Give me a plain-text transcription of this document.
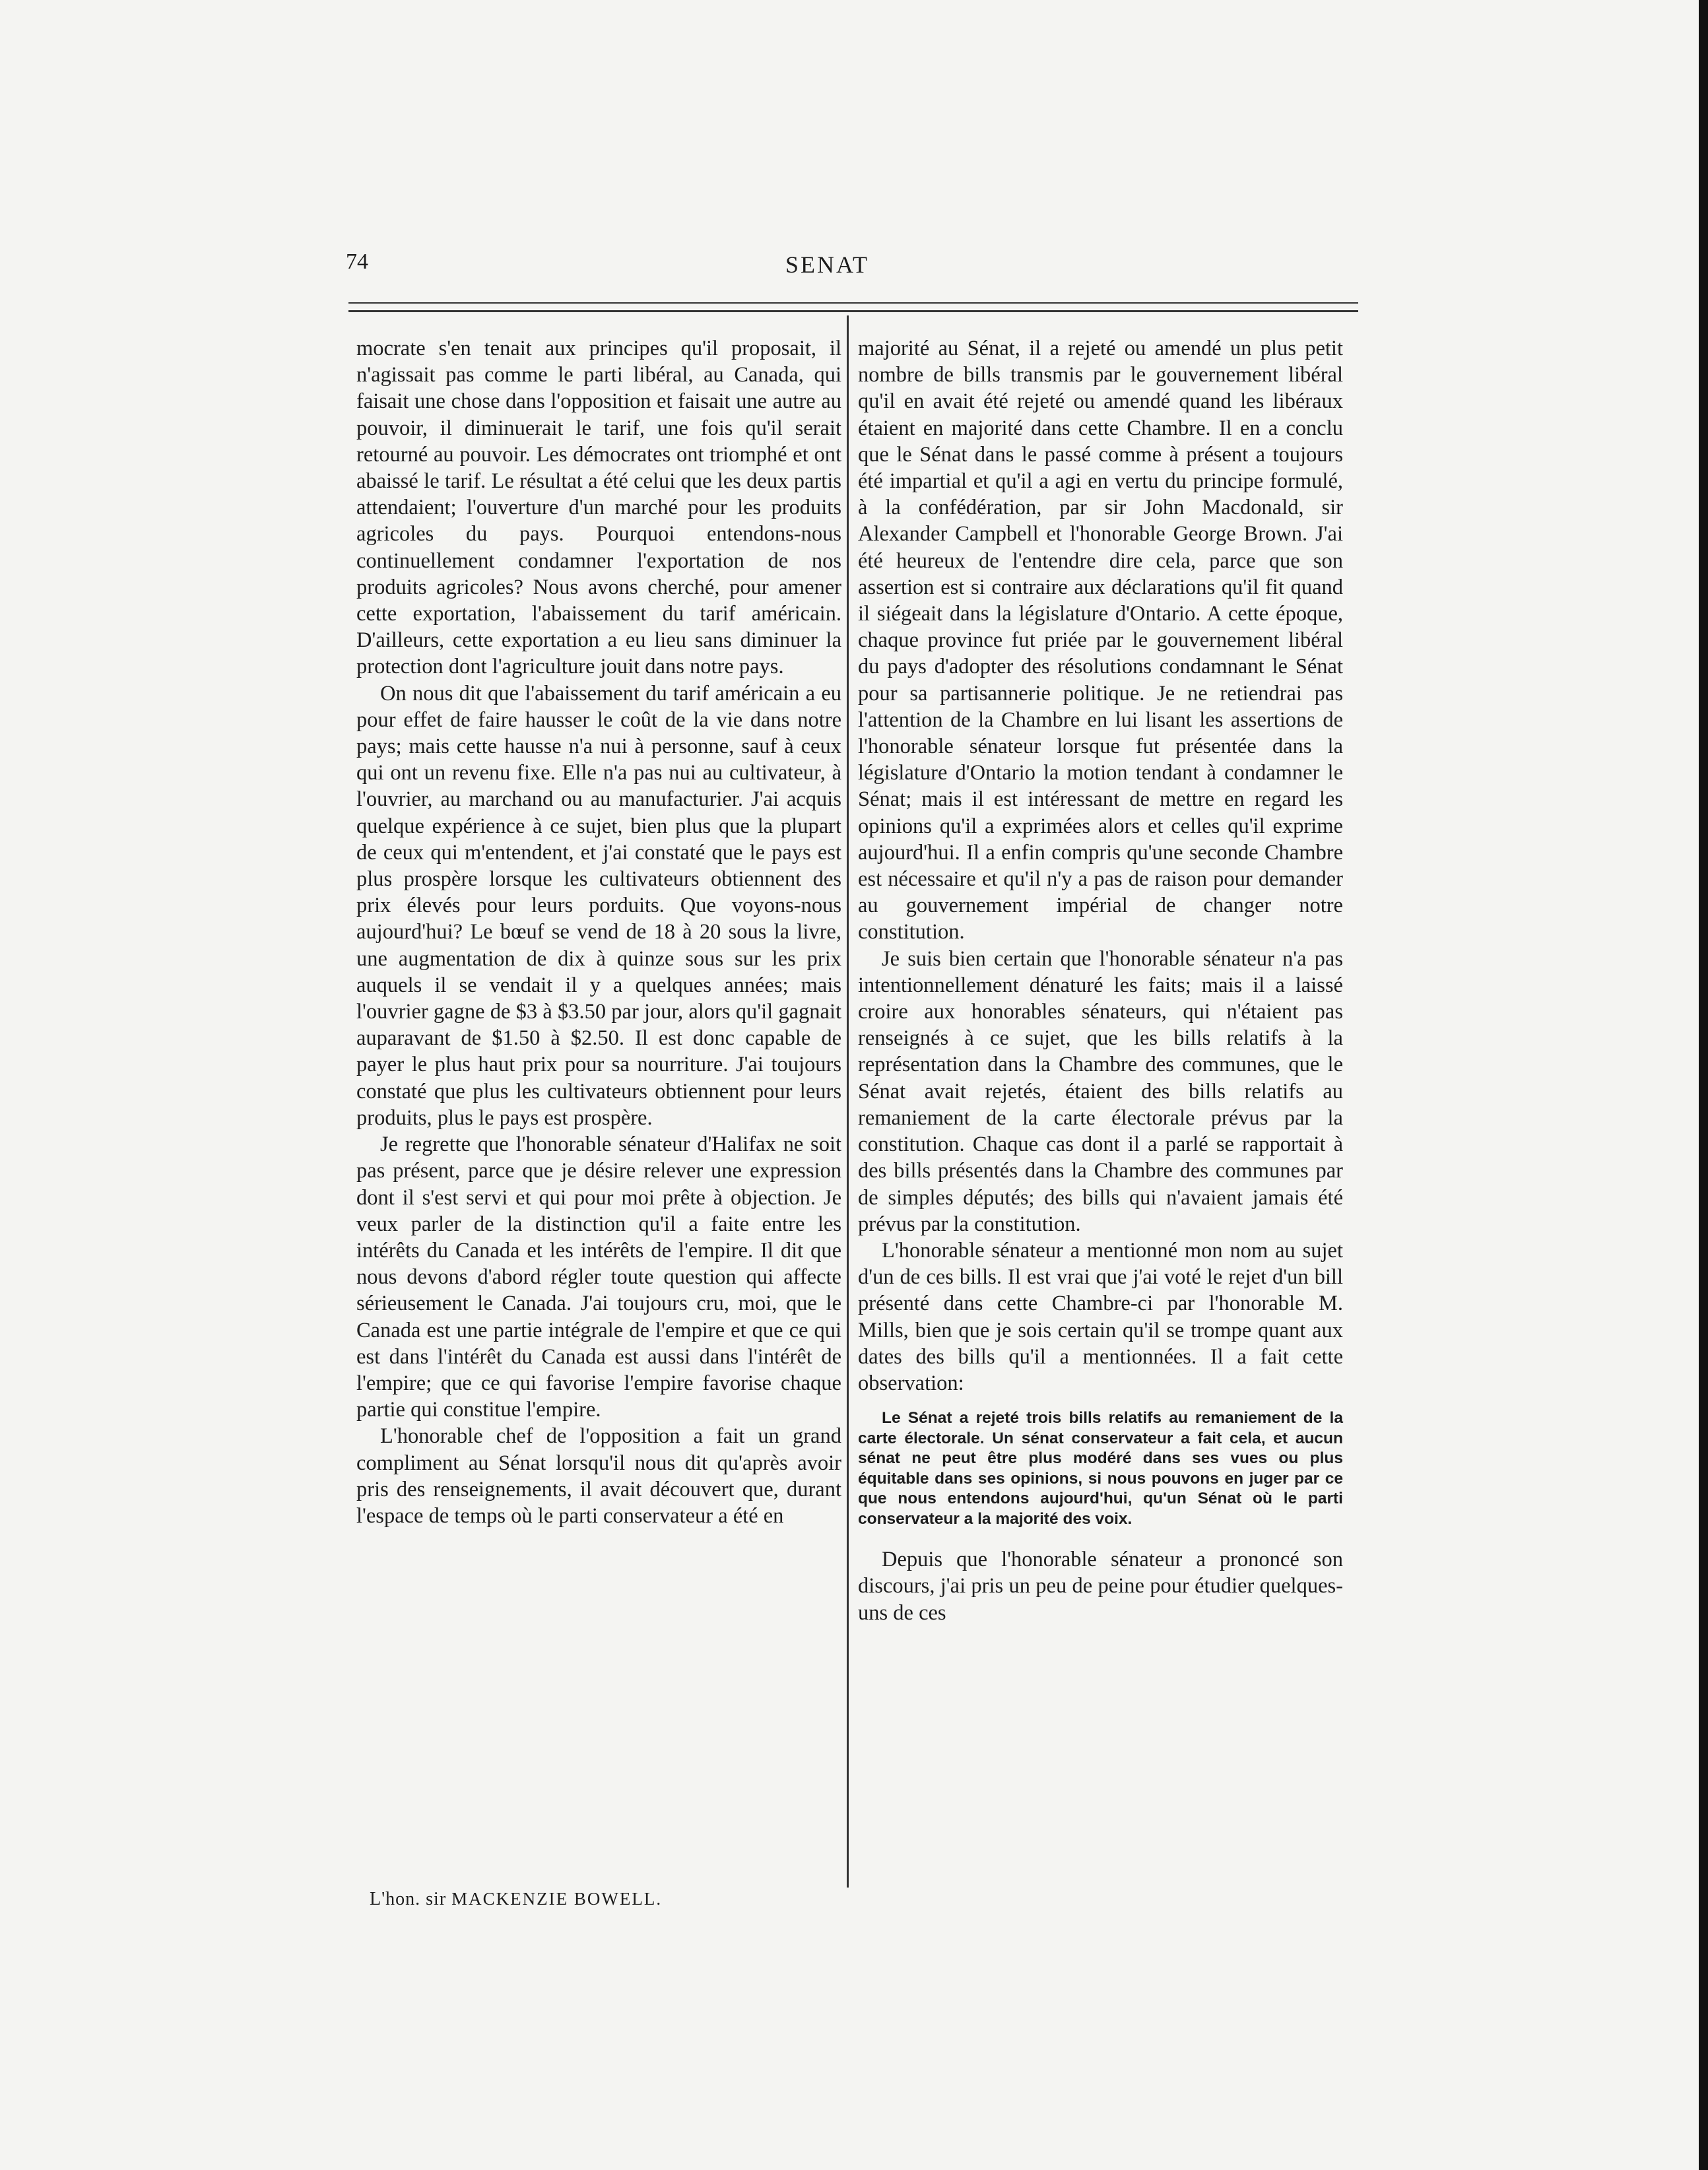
74	SENAT

mocrate s'en tenait aux principes qu'il proposait, il n'agissait pas comme le parti libéral, au Canada, qui faisait une chose dans l'opposition et faisait une autre au pouvoir, il diminuerait le tarif, une fois qu'il serait retourné au pouvoir. Les démocrates ont triomphé et ont abaissé le tarif. Le résultat a été celui que les deux partis attendaient; l'ouverture d'un marché pour les produits agricoles du pays. Pourquoi entendons-nous continuellement condamner l'exportation de nos produits agricoles? Nous avons cherché, pour amener cette exportation, l'abaissement du tarif américain. D'ailleurs, cette exportation a eu lieu sans diminuer la protection dont l'agriculture jouit dans notre pays.

On nous dit que l'abaissement du tarif américain a eu pour effet de faire hausser le coût de la vie dans notre pays; mais cette hausse n'a nui à personne, sauf à ceux qui ont un revenu fixe. Elle n'a pas nui au cultivateur, à l'ouvrier, au marchand ou au manufacturier. J'ai acquis quelque expérience à ce sujet, bien plus que la plupart de ceux qui m'entendent, et j'ai constaté que le pays est plus prospère lorsque les cultivateurs obtiennent des prix élevés pour leurs porduits. Que voyons-nous aujourd'hui? Le bœuf se vend de 18 à 20 sous la livre, une augmentation de dix à quinze sous sur les prix auquels il se vendait il y a quelques années; mais l'ouvrier gagne de $3 à $3.50 par jour, alors qu'il gagnait auparavant de $1.50 à $2.50. Il est donc capable de payer le plus haut prix pour sa nourriture. J'ai toujours constaté que plus les cultivateurs obtiennent pour leurs produits, plus le pays est prospère.

Je regrette que l'honorable sénateur d'Halifax ne soit pas présent, parce que je désire relever une expression dont il s'est servi et qui pour moi prête à objection. Je veux parler de la distinction qu'il a faite entre les intérêts du Canada et les intérêts de l'empire. Il dit que nous devons d'abord régler toute question qui affecte sérieusement le Canada. J'ai toujours cru, moi, que le Canada est une partie intégrale de l'empire et que ce qui est dans l'intérêt du Canada est aussi dans l'intérêt de l'empire; que ce qui favorise l'empire favorise chaque partie qui constitue l'empire.

L'honorable chef de l'opposition a fait un grand compliment au Sénat lorsqu'il nous dit qu'après avoir pris des renseignements, il avait découvert que, durant l'espace de temps où le parti conservateur a été en

majorité au Sénat, il a rejeté ou amendé un plus petit nombre de bills transmis par le gouvernement libéral qu'il en avait été rejeté ou amendé quand les libéraux étaient en majorité dans cette Chambre. Il en a conclu que le Sénat dans le passé comme à présent a toujours été impartial et qu'il a agi en vertu du principe formulé, à la confédération, par sir John Macdonald, sir Alexander Campbell et l'honorable George Brown. J'ai été heureux de l'entendre dire cela, parce que son assertion est si contraire aux déclarations qu'il fit quand il siégeait dans la législature d'Ontario. A cette époque, chaque province fut priée par le gouvernement libéral du pays d'adopter des résolutions condamnant le Sénat pour sa partisannerie politique. Je ne retiendrai pas l'attention de la Chambre en lui lisant les assertions de l'honorable sénateur lorsque fut présentée dans la législature d'Ontario la motion tendant à condamner le Sénat; mais il est intéressant de mettre en regard les opinions qu'il a exprimées alors et celles qu'il exprime aujourd'hui. Il a enfin compris qu'une seconde Chambre est nécessaire et qu'il n'y a pas de raison pour demander au gouvernement impérial de changer notre constitution.

Je suis bien certain que l'honorable sénateur n'a pas intentionnellement dénaturé les faits; mais il a laissé croire aux honorables sénateurs, qui n'étaient pas renseignés à ce sujet, que les bills relatifs à la représentation dans la Chambre des communes, que le Sénat avait rejetés, étaient des bills relatifs au remaniement de la carte électorale prévus par la constitution. Chaque cas dont il a parlé se rapportait à des bills présentés dans la Chambre des communes par de simples députés; des bills qui n'avaient jamais été prévus par la constitution.

L'honorable sénateur a mentionné mon nom au sujet d'un de ces bills. Il est vrai que j'ai voté le rejet d'un bill présenté dans cette Chambre-ci par l'honorable M. Mills, bien que je sois certain qu'il se trompe quant aux dates des bills qu'il a mentionnées. Il a fait cette observation:

Le Sénat a rejeté trois bills relatifs au remaniement de la carte électorale. Un sénat conservateur a fait cela, et aucun sénat ne peut être plus modéré dans ses vues ou plus équitable dans ses opinions, si nous pouvons en juger par ce que nous entendons aujourd'hui, qu'un Sénat où le parti conservateur a la majorité des voix.

Depuis que l'honorable sénateur a prononcé son discours, j'ai pris un peu de peine pour étudier quelques-uns de ces

L'hon. sir MACKENZIE BOWELL.
